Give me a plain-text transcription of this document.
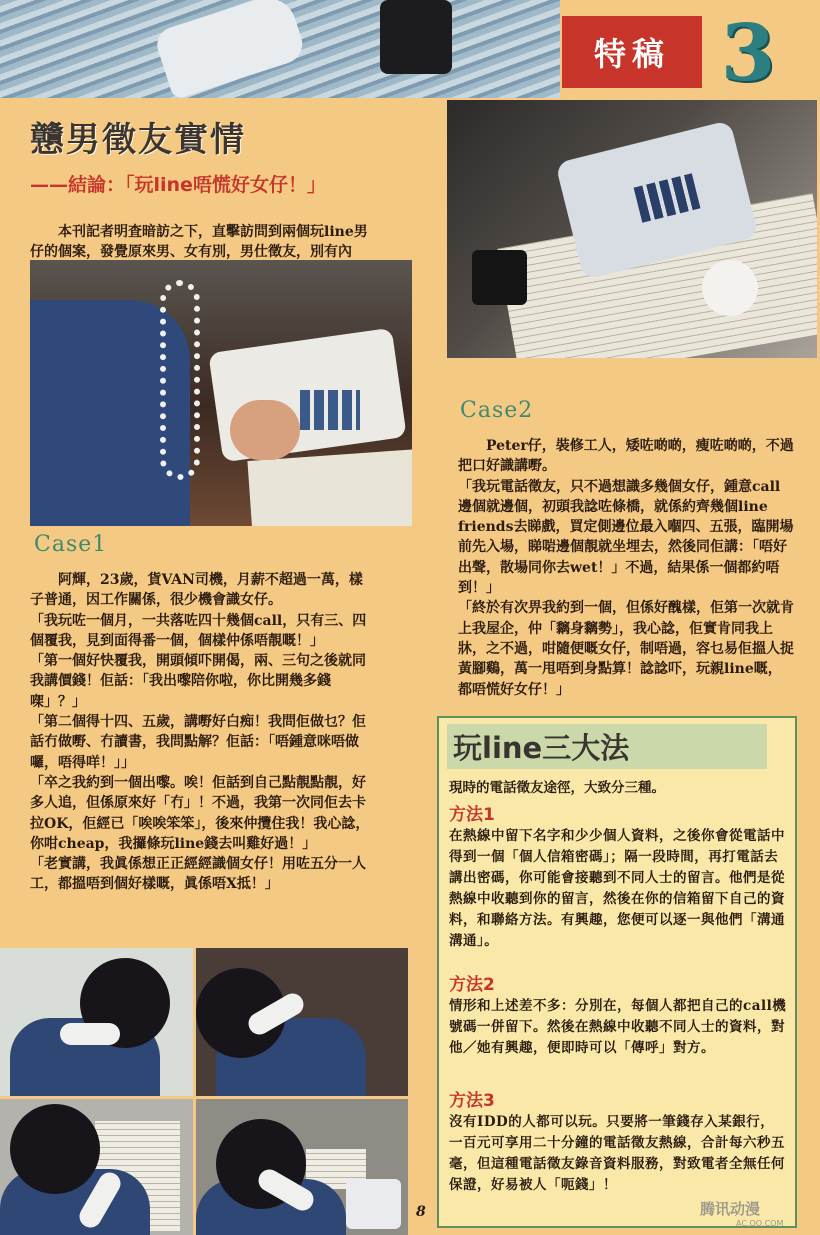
特稿 3
戇男徵友實情
——結論：「玩line唔慌好女仔！」
本刊記者明査暗訪之下，直擊訪問到兩個玩line男仔的個案，發覺原來男、女有別，男仕徵友，別有內
Case1
Case2

阿輝，23歲，貨VAN司機，月薪不超過一萬，樣子普通，因工作關係，很少機會識女仔。

「我玩咗一個月，一共落咗四十幾個call，只有三、四個覆我，見到面得番一個，個樣仲係唔靚嘅！」

「第一個好快覆我，開頭傾吓開偈，兩、三句之後就同我講價錢！佢話：「我出嚟陪你啦，你比開幾多錢㗎」？」

「第二個得十四、五歲，講嘢好白痴！我問佢做乜？佢話冇做嘢、冇讀書，我問點解？佢話：「唔鍾意咪唔做囉，唔得咩！」」

「卒之我約到一個出嚟。唉！佢話到自己點靚點靚，好多人追，但係原來好「冇」！不過，我第一次同佢去卡拉OK，佢經已「唉唉笨笨」，後來仲攬住我！我心諗，你咁cheap，我攞條玩line錢去叫雞好過！」

「老實講，我眞係想正正經經識個女仔！用咗五分一人工，都搵唔到個好樣嘅，眞係唔X抵！」

Peter仔，裝修工人，矮咗啲啲，瘦咗啲啲，不過把口好識講嘢。

「我玩電話徵友，只不過想識多幾個女仔，鍾意call邊個就邊個，初頭我諗咗條橋，就係約齊幾個line friends去睇戲，買定側邊位最入嗰四、五張，臨開場前先入場，睇啱邊個靚就坐埋去，然後同佢講：「唔好出聲，散場同你去wet！」不過，結果係一個都約唔到！」

「終於有次畀我約到一個，但係好醜樣，佢第一次就肯上我屋企，仲「黐身黐勢」，我心諗，佢實肯同我上牀，之不過，咁隨便嘅女仔，制唔過，容乜易佢搵人捉黃腳鷄，萬一甩唔到身點算！諗諗吓，玩親line嘅，都唔慌好女仔！」

玩line三大法
現時的電話徵友途徑，大致分三種。
方法1
在熱線中留下名字和少少個人資料，之後你會從電話中得到一個「個人信箱密碼」；隔一段時間，再打電話去講出密碼，你可能會接聽到不同人士的留言。他們是從熱線中收聽到你的留言，然後在你的信箱留下自己的資料，和聯絡方法。有興趣，您便可以逐一與他們「溝通溝通」。
方法2
情形和上述差不多：分別在，每個人都把自己的call機號碼一併留下。然後在熱線中收聽不同人士的資料，對他／她有興趣，便即時可以「傳呼」對方。
方法3
沒有IDD的人都可以玩。只要將一筆錢存入某銀行，一百元可享用二十分鐘的電話徵友熱線，合計每六秒五毫，但這種電話徵友錄音資料服務，對致電者全無任何保證，好易被人「呃錢」！
8	腾讯动漫
AC.QQ.COM
